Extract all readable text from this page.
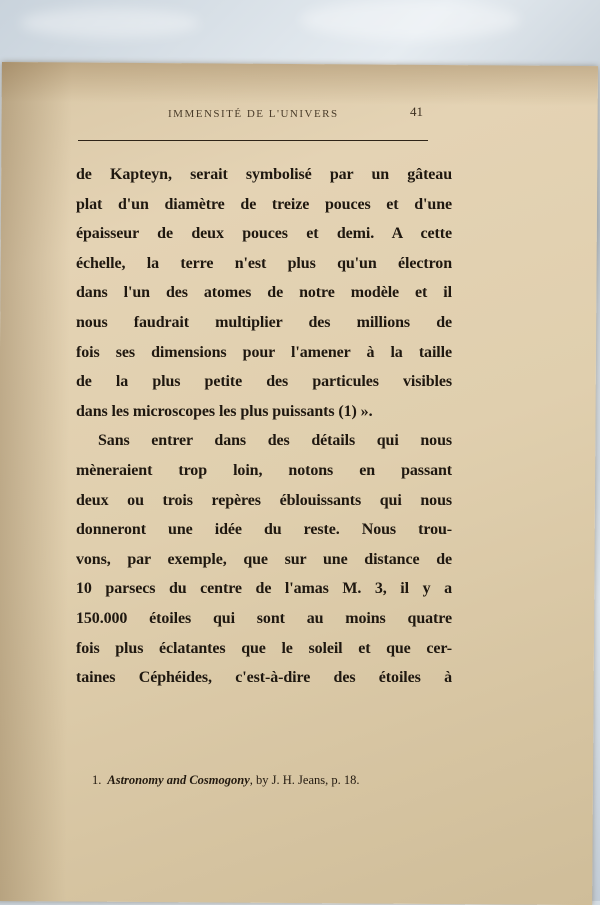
IMMENSITÉ DE L'UNIVERS	41
de Kapteyn, serait symbolisé par un gâteau
plat d'un diamètre de treize pouces et d'une
épaisseur de deux pouces et demi. A cette
échelle, la terre n'est plus qu'un électron
dans l'un des atomes de notre modèle et il
nous faudrait multiplier des millions de
fois ses dimensions pour l'amener à la taille
de la plus petite des particules visibles
dans les microscopes les plus puissants (1) ».
Sans entrer dans des détails qui nous
mèneraient trop loin, notons en passant
deux ou trois repères éblouissants qui nous
donneront une idée du reste. Nous trou-
vons, par exemple, que sur une distance de
10 parsecs du centre de l'amas M. 3, il y a
150.000 étoiles qui sont au moins quatre
fois plus éclatantes que le soleil et que cer-
taines Céphéides, c'est-à-dire des étoiles à
1. Astronomy and Cosmogony, by J. H. Jeans, p. 18.
